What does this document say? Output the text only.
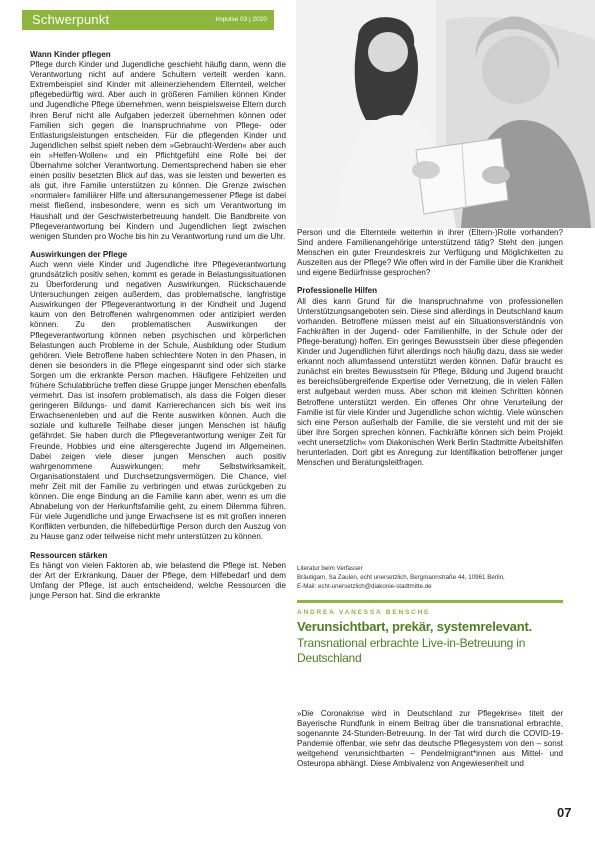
Schwerpunkt	impulse 03 | 2020
Wann Kinder pflegen

Pflege durch Kinder und Jugendliche geschieht häufig dann, wenn die Verantwortung nicht auf andere Schultern verteilt werden kann. Extrembeispiel sind Kinder mit alleinerziehendem Elternteil, welcher pflegebedürftig wird. Aber auch in größeren Familien können Kinder und Jugendliche Pflege übernehmen, wenn beispielsweise Eltern durch ihren Beruf nicht alle Aufgaben jederzeit übernehmen können oder Familien sich gegen die Inanspruchnahme von Pflege- oder Entlastungsleistungen entscheiden. Für die pflegenden Kinder und Jugendlichen selbst spielt neben dem »Gebraucht-Werden« aber auch ein »Helfen-Wollen« und ein Pflichtgefühl eine Rolle bei der Übernahme solcher Verantwortung. Dementsprechend haben sie eher einen positiv besetzten Blick auf das, was sie leisten und bewerten es als gut, ihre Familie unterstützen zu können. Die Grenze zwischen »normaler« familiärer Hilfe und altersunangemessener Pflege ist dabei meist fließend, insbesondere, wenn es sich um Verantwortung im Haushalt und der Geschwisterbetreuung handelt. Die Bandbreite von Pflegeverantwortung bei Kindern und Jugendlichen liegt zwischen wenigen Stunden pro Woche bis hin zu Verantwortung rund um die Uhr.

Auswirkungen der Pflege

Auch wenn viele Kinder und Jugendliche ihre Pflegeverantwortung grundsätzlich positiv sehen, kommt es gerade in Belastungssituationen zu Überforderung und negativen Auswirkungen. Rückschauende Untersuchungen zeigen außerdem, das problematische, langfristige Auswirkungen der Pflegeverantwortung in der Kindheit und Jugend kaum von den Betroffenen wahrgenommen oder antizipiert werden können. Zu den problematischen Auswirkungen der Pflegeverantwortung können neben psychischen und körperlichen Belastungen auch Probleme in der Schule, Ausbildung oder Studium gehören. Viele Betroffene haben schlechtere Noten in den Phasen, in denen sie besonders in die Pflege eingespannt sind oder sich starke Sorgen um die erkrankte Person machen. Häufigere Fehlzeiten und frühere Schulabbrüche treffen diese Gruppe junger Menschen ebenfalls vermehrt. Das ist insofern problematisch, als dass die Folgen dieser geringeren Bildungs- und damit Karrierechancen sich bis weit ins Erwachsenenleben und auf die Rente auswirken können. Auch die soziale und kulturelle Teilhabe dieser jungen Menschen ist häufig gefährdet. Sie haben durch die Pflegeverantwortung weniger Zeit für Freunde, Hobbies und eine altersgerechte Jugend im Allgemeinen. Dabei zeigen viele dieser jungen Menschen auch positiv wahrgenommene Auswirkungen: mehr Selbstwirksamkeit, Organisationstalent und Durchsetzungsvermögen. Die Chance, viel mehr Zeit mit der Familie zu verbringen und etwas zurückgeben zu können. Die enge Bindung an die Familie kann aber, wenn es um die Abnabelung von der Herkunftsfamilie geht, zu einem Dilemma führen. Für viele Jugendliche und junge Erwachsene ist es mit großen inneren Konflikten verbunden, die hilfebedürftige Person durch den Auszug von zu Hause ganz oder teilweise nicht mehr unterstützen zu können.

Ressourcen stärken

Es hängt von vielen Faktoren ab, wie belastend die Pflege ist. Neben der Art der Erkrankung, Dauer der Pflege, dem Hilfebedarf und dem Umfang der Pflege, ist auch entscheidend, welche Ressourcen die junge Person hat. Sind die erkrankte

Person und die Elternteile weiterhin in ihrer (Eltern-)Rolle vorhanden? Sind andere Familienangehörige unterstützend tätig? Steht den jungen Menschen ein guter Freundeskreis zur Verfügung und Möglichkeiten zu Auszeiten aus der Pflege? Wie offen wird in der Familie über die Krankheit und eigene Bedürfnisse gesprochen?

Professionelle Hilfen

All dies kann Grund für die Inanspruchnahme von professionellen Unterstützungsangeboten sein. Diese sind allerdings in Deutschland kaum vorhanden. Betroffene müssen meist auf ein Situationsverständnis von Fachkräften in der Jugend- oder Familienhilfe, in der Schule oder der Pflege-beratung) hoffen. Ein geringes Bewusstsein über diese pflegenden Kinder und Jugendlichen führt allerdings noch häufig dazu, dass sie weder erkannt noch allumfassend unterstützt werden können. Dafür braucht es zunächst ein breites Bewusstsein für Pflege, Bildung und Jugend braucht es bereichsübergreifende Expertise oder Vernetzung, die in vielen Fällen erst aufgebaut werden muss. Aber schon mit kleinen Schritten können Betroffene unterstützt werden. Ein offenes Ohr ohne Verurteilung der Familie ist für viele Kinder und Jugendliche schon wichtig. Viele wünschen sich eine Person außerhalb der Familie, die sie versteht und mit der sie über ihre Sorgen sprechen können. Fachkräfte können sich beim Projekt »echt unersetzlich« vom Diakonischen Werk Berlin Stadtmitte Arbeitshilfen herunterladen. Dort gibt es Anregung zur Identifikation betroffener junger Menschen und Beratungsleitfragen.

Literatur beim Verfasser
Bräutigam, Sa Zaulen, echt unersetzlich, Bergmannstraße 44, 10961 Berlin,
E-Mail: echt-unersetzlich@diakonie-stadtmitte.de
ANDREA VANESSA BENSCHE
Verunsichtbart, prekär, systemrelevant.
Transnational erbrachte Live-in-Betreuung in Deutschland
»Die Coronakrise wird in Deutschland zur Pflegekrise« titelt der Bayerische Rundfunk in einem Beitrag über die transnational erbrachte, sogenannte 24-Stunden-Betreuung. In der Tat wird durch die COVID-19-Pandemie offenbar, wie sehr das deutsche Pflegesystem von den – sonst weitgehend verunsichtbarten – Pendelmigrant*innen aus Mittel- und Osteuropa abhängt. Diese Ambivalenz von Angewiesenheit und
07
